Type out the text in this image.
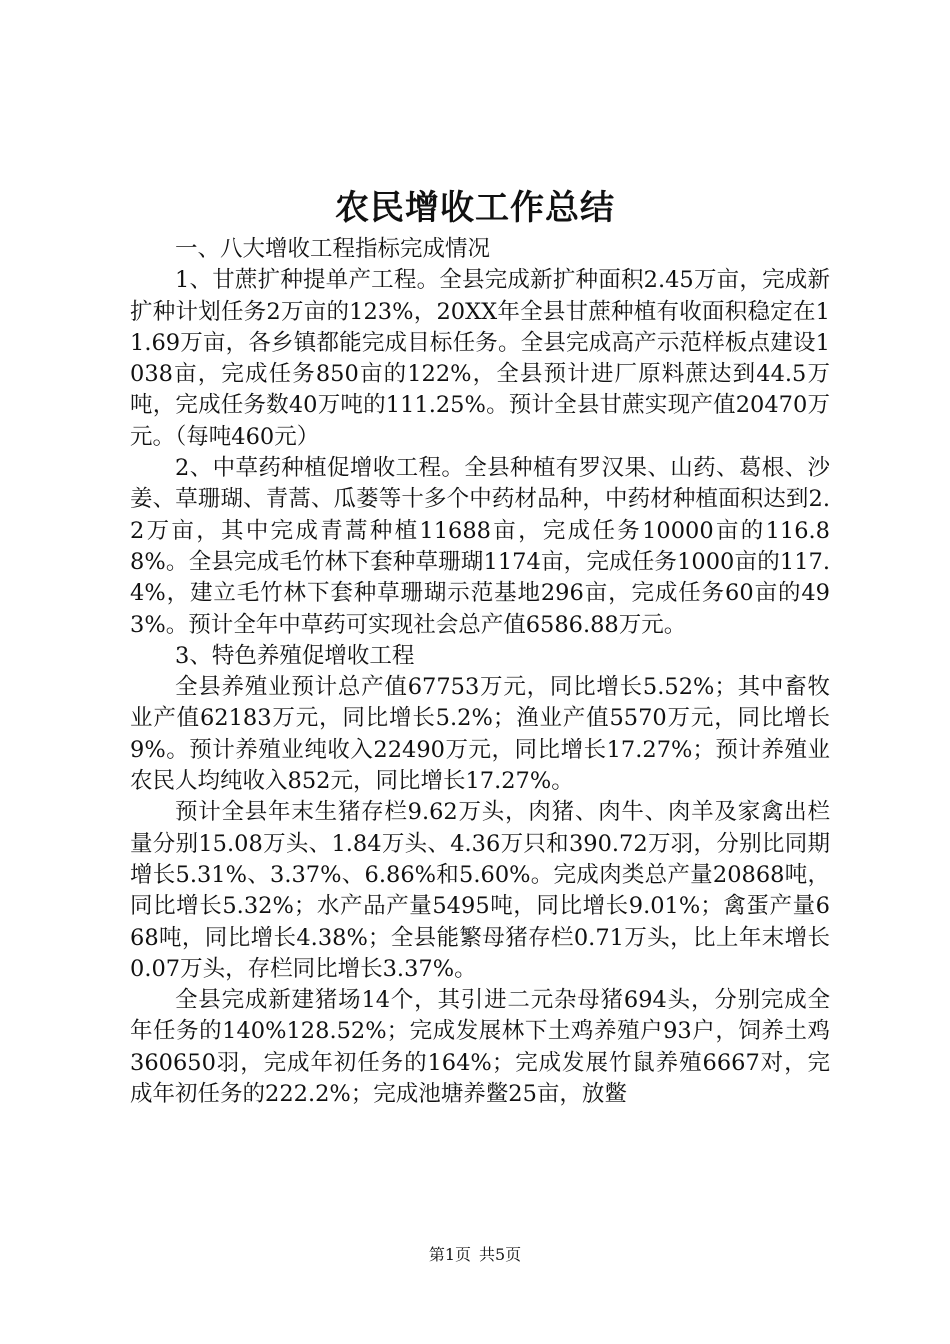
农民增收工作总结

一、八大增收工程指标完成情况

1、甘蔗扩种提单产工程。全县完成新扩种面积2.45万亩，完成新扩种计划任务2万亩的123%，20XX年全县甘蔗种植有收面积稳定在11.69万亩，各乡镇都能完成目标任务。全县完成高产示范样板点建设1038亩，完成任务850亩的122%，全县预计进厂原料蔗达到44.5万吨，完成任务数40万吨的111.25%。预计全县甘蔗实现产值20470万元。（每吨460元）

2、中草药种植促增收工程。全县种植有罗汉果、山药、葛根、沙姜、草珊瑚、青蒿、瓜蒌等十多个中药材品种，中药材种植面积达到2.2万亩，其中完成青蒿种植11688亩，完成任务10000亩的116.88%。全县完成毛竹林下套种草珊瑚1174亩，完成任务1000亩的117.4%，建立毛竹林下套种草珊瑚示范基地296亩，完成任务60亩的493%。预计全年中草药可实现社会总产值6586.88万元。

3、特色养殖促增收工程

全县养殖业预计总产值67753万元，同比增长5.52%；其中畜牧业产值62183万元，同比增长5.2%；渔业产值5570万元，同比增长9%。预计养殖业纯收入22490万元，同比增长17.27%；预计养殖业农民人均纯收入852元，同比增长17.27%。

预计全县年末生猪存栏9.62万头，肉猪、肉牛、肉羊及家禽出栏量分别15.08万头、1.84万头、4.36万只和390.72万羽，分别比同期增长5.31%、3.37%、6.86%和5.60%。完成肉类总产量20868吨，同比增长5.32%；水产品产量5495吨，同比增长9.01%；禽蛋产量668吨，同比增长4.38%；全县能繁母猪存栏0.71万头，比上年末增长0.07万头，存栏同比增长3.37%。

全县完成新建猪场14个，其引进二元杂母猪694头，分别完成全年任务的140%128.52%；完成发展林下土鸡养殖户93户，饲养土鸡360650羽，完成年初任务的164%；完成发展竹鼠养殖6667对，完成年初任务的222.2%；完成池塘养鳖25亩，放鳖

第1页 共5页
